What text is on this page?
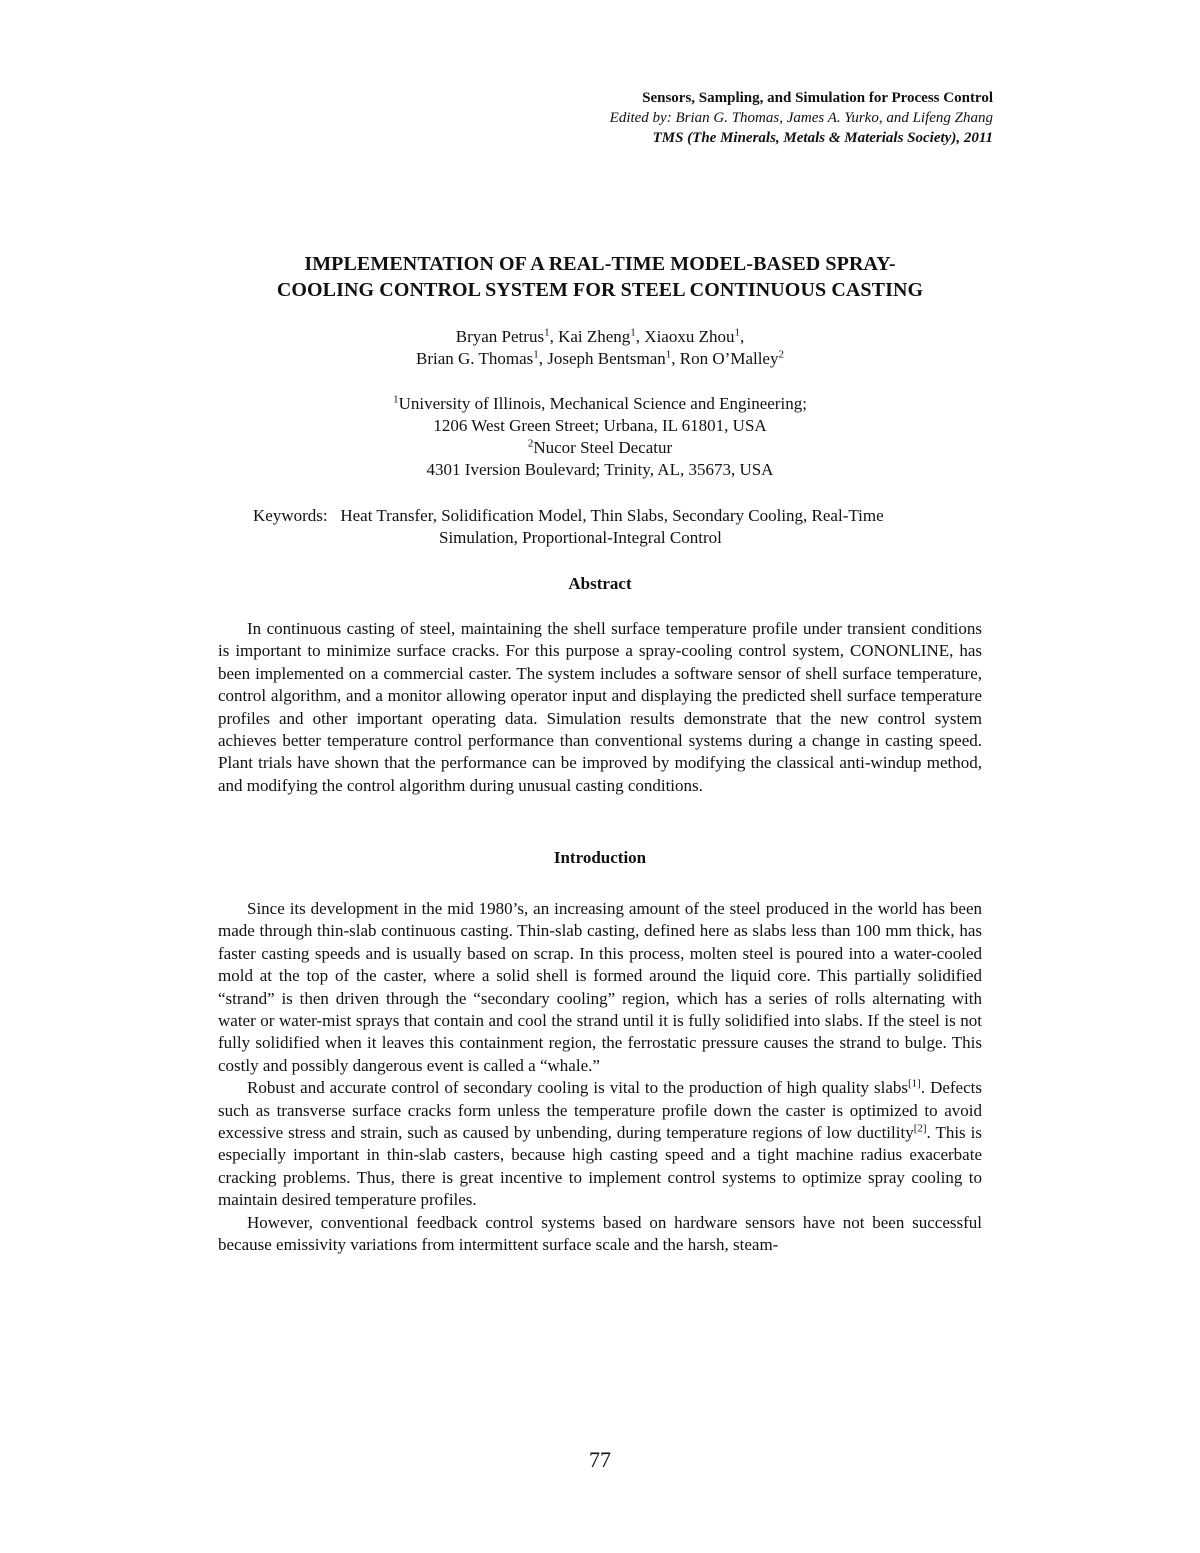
Sensors, Sampling, and Simulation for Process Control
Edited by: Brian G. Thomas, James A. Yurko, and Lifeng Zhang
TMS (The Minerals, Metals & Materials Society), 2011
IMPLEMENTATION OF A REAL-TIME MODEL-BASED SPRAY-
COOLING CONTROL SYSTEM FOR STEEL CONTINUOUS CASTING
Bryan Petrus$^1$, Kai Zheng$^1$, Xiaoxu Zhou$^1$,
Brian G. Thomas$^1$, Joseph Bentsman$^1$, Ron O’Malley$^2$
$^1$University of Illinois, Mechanical Science and Engineering;
1206 West Green Street; Urbana, IL 61801, USA
$^2$Nucor Steel Decatur
4301 Iversion Boulevard; Trinity, AL, 35673, USA
Keywords: Heat Transfer, Solidification Model, Thin Slabs, Secondary Cooling, Real-Time
Simulation, Proportional-Integral Control
Abstract

In continuous casting of steel, maintaining the shell surface temperature profile under transient conditions is important to minimize surface cracks. For this purpose a spray-cooling control system, CONONLINE, has been implemented on a commercial caster. The system includes a software sensor of shell surface temperature, control algorithm, and a monitor allowing operator input and displaying the predicted shell surface temperature profiles and other important operating data. Simulation results demonstrate that the new control system achieves better temperature control performance than conventional systems during a change in casting speed. Plant trials have shown that the performance can be improved by modifying the classical anti-windup method, and modifying the control algorithm during unusual casting conditions.

Introduction

Since its development in the mid 1980’s, an increasing amount of the steel produced in the world has been made through thin-slab continuous casting. Thin-slab casting, defined here as slabs less than 100 mm thick, has faster casting speeds and is usually based on scrap. In this process, molten steel is poured into a water-cooled mold at the top of the caster, where a solid shell is formed around the liquid core. This partially solidified “strand” is then driven through the “secondary cooling” region, which has a series of rolls alternating with water or water-mist sprays that contain and cool the strand until it is fully solidified into slabs. If the steel is not fully solidified when it leaves this containment region, the ferrostatic pressure causes the strand to bulge. This costly and possibly dangerous event is called a “whale.”

Robust and accurate control of secondary cooling is vital to the production of high quality slabs[1]. Defects such as transverse surface cracks form unless the temperature profile down the caster is optimized to avoid excessive stress and strain, such as caused by unbending, during temperature regions of low ductility[2]. This is especially important in thin-slab casters, because high casting speed and a tight machine radius exacerbate cracking problems. Thus, there is great incentive to implement control systems to optimize spray cooling to maintain desired temperature profiles.

However, conventional feedback control systems based on hardware sensors have not been successful because emissivity variations from intermittent surface scale and the harsh, steam-

77
